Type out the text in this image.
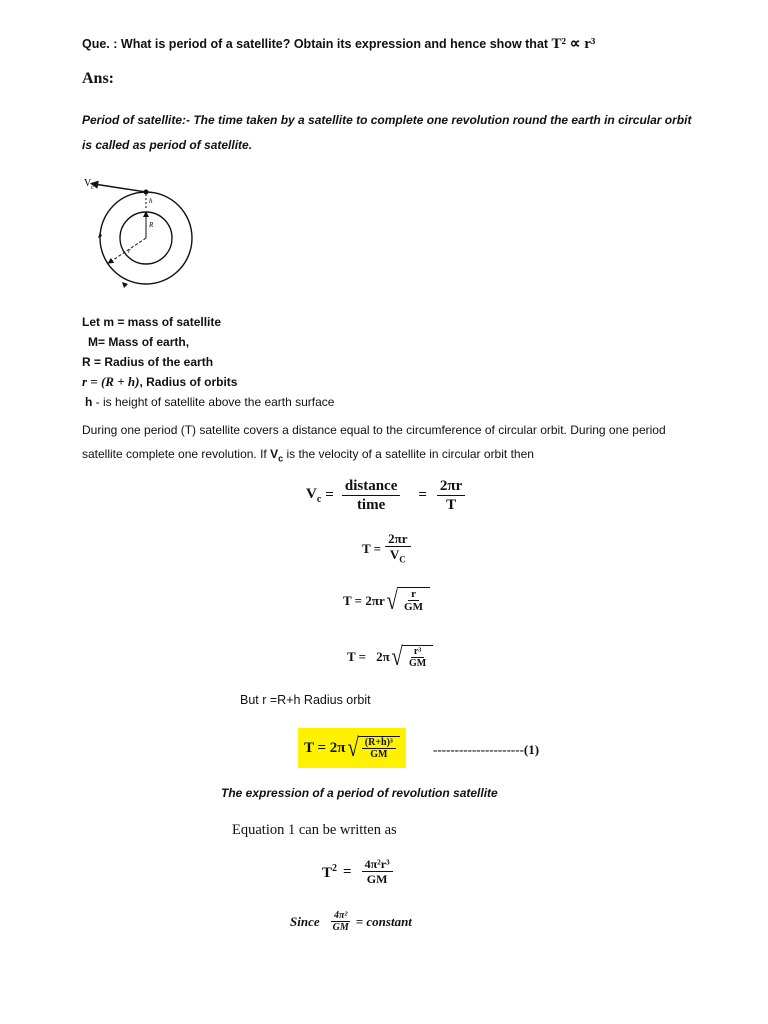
Que. : What is period of a satellite? Obtain its expression and hence show that T² ∝ r³
Ans:
Period of satellite:- The time taken by a satellite to complete one revolution round the earth in circular orbit is called as period of satellite.
V c
h
R
r
Let m = mass of satellite
M= Mass of earth,
R = Radius of the earth
r = (R + h), Radius of orbits
h - is height of satellite above the earth surface
During one period (T) satellite covers a distance equal to the circumference of circular orbit. During one period satellite complete one revolution. If $V_c$ is the velocity of a satellite in circular orbit then
$V_c = \frac{\text{distance}}{\text{time}} = \frac{2\pi r}{T}$
$T = \frac{2\pi r}{V_C}$
T = 2πr √ $\frac{r}{GM}$
T = 2π √ $\frac{\text{r³}}{GM}$
But r =R+h Radius orbit
T = 2π √ $\frac{\text{(R+h)³}}{GM}$	---------------------(1)
The expression of a period of revolution satellite
Equation 1 can be written as
$T^2 = \frac{\text{4π²r³}}{GM}$
Since $\frac{\text{4π²}}{GM}$ = constant
